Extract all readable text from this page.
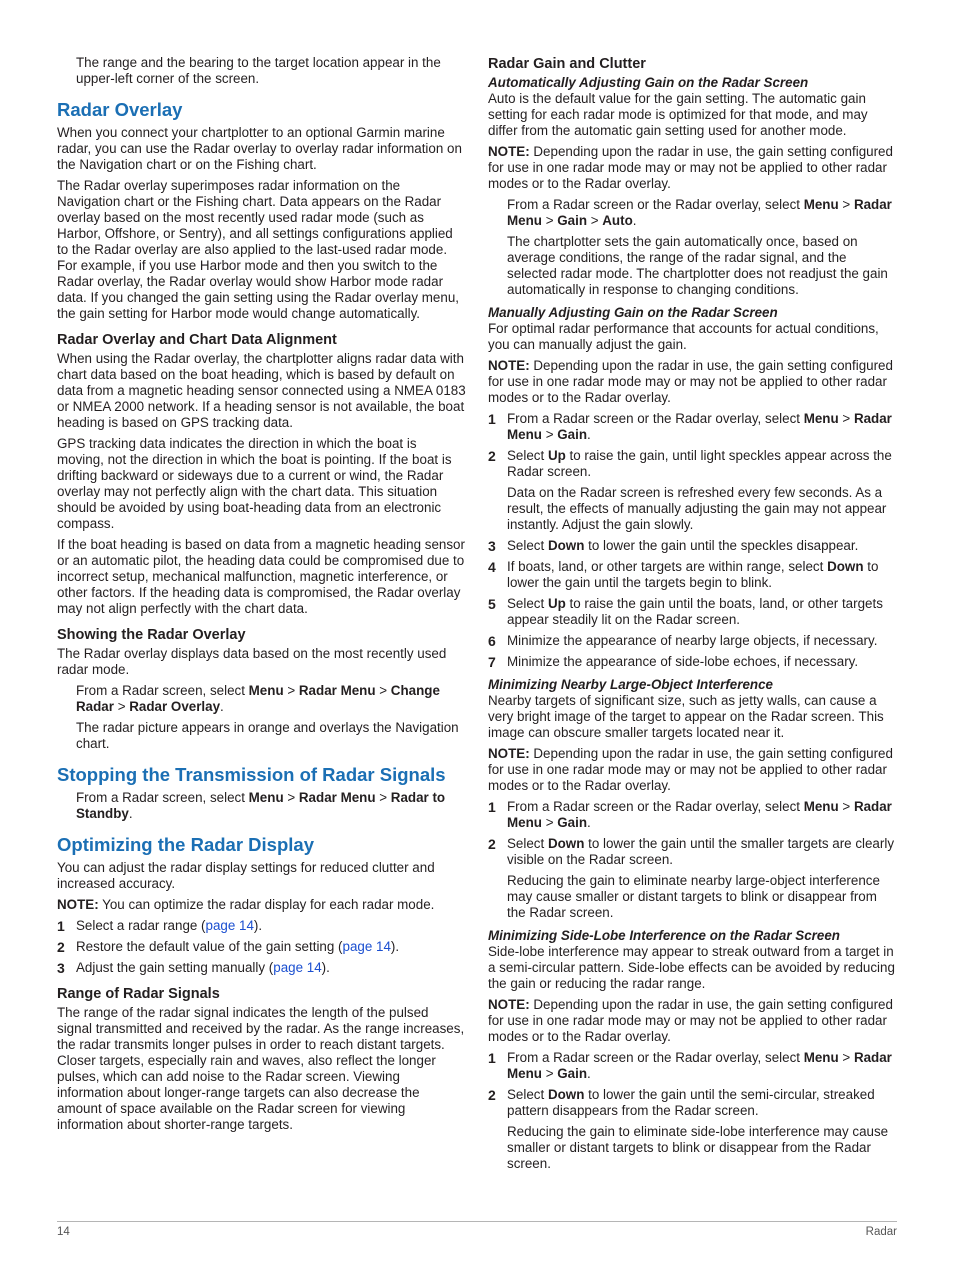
The range and the bearing to the target location appear in the upper-left corner of the screen.

Radar Overlay

When you connect your chartplotter to an optional Garmin marine radar, you can use the Radar overlay to overlay radar information on the Navigation chart or on the Fishing chart.

The Radar overlay superimposes radar information on the Navigation chart or the Fishing chart. Data appears on the Radar overlay based on the most recently used radar mode (such as Harbor, Offshore, or Sentry), and all settings configurations applied to the Radar overlay are also applied to the last-used radar mode. For example, if you use Harbor mode and then you switch to the Radar overlay, the Radar overlay would show Harbor mode radar data. If you changed the gain setting using the Radar overlay menu, the gain setting for Harbor mode would change automatically.

Radar Overlay and Chart Data Alignment

When using the Radar overlay, the chartplotter aligns radar data with chart data based on the boat heading, which is based by default on data from a magnetic heading sensor connected using a NMEA 0183 or NMEA 2000 network. If a heading sensor is not available, the boat heading is based on GPS tracking data.

GPS tracking data indicates the direction in which the boat is moving, not the direction in which the boat is pointing. If the boat is drifting backward or sideways due to a current or wind, the Radar overlay may not perfectly align with the chart data. This situation should be avoided by using boat-heading data from an electronic compass.

If the boat heading is based on data from a magnetic heading sensor or an automatic pilot, the heading data could be compromised due to incorrect setup, mechanical malfunction, magnetic interference, or other factors. If the heading data is compromised, the Radar overlay may not align perfectly with the chart data.

Showing the Radar Overlay

The Radar overlay displays data based on the most recently used radar mode.

From a Radar screen, select Menu > Radar Menu > Change Radar > Radar Overlay.

The radar picture appears in orange and overlays the Navigation chart.

Stopping the Transmission of Radar Signals

From a Radar screen, select Menu > Radar Menu > Radar to Standby.

Optimizing the Radar Display

You can adjust the radar display settings for reduced clutter and increased accuracy.

NOTE: You can optimize the radar display for each radar mode.

1 Select a radar range (page 14).
2 Restore the default value of the gain setting (page 14).
3 Adjust the gain setting manually (page 14).
Range of Radar Signals

The range of the radar signal indicates the length of the pulsed signal transmitted and received by the radar. As the range increases, the radar transmits longer pulses in order to reach distant targets. Closer targets, especially rain and waves, also reflect the longer pulses, which can add noise to the Radar screen. Viewing information about longer-range targets can also decrease the amount of space available on the Radar screen for viewing information about shorter-range targets.

Radar Gain and Clutter
Automatically Adjusting Gain on the Radar Screen

Auto is the default value for the gain setting. The automatic gain setting for each radar mode is optimized for that mode, and may differ from the automatic gain setting used for another mode.

NOTE: Depending upon the radar in use, the gain setting configured for use in one radar mode may or may not be applied to other radar modes or to the Radar overlay.

From a Radar screen or the Radar overlay, select Menu > Radar Menu > Gain > Auto.

The chartplotter sets the gain automatically once, based on average conditions, the range of the radar signal, and the selected radar mode. The chartplotter does not readjust the gain automatically in response to changing conditions.

Manually Adjusting Gain on the Radar Screen

For optimal radar performance that accounts for actual conditions, you can manually adjust the gain.

NOTE: Depending upon the radar in use, the gain setting configured for use in one radar mode may or may not be applied to other radar modes or to the Radar overlay.

1 From a Radar screen or the Radar overlay, select Menu > Radar Menu > Gain.
2 Select Up to raise the gain, until light speckles appear across the Radar screen.

Data on the Radar screen is refreshed every few seconds. As a result, the effects of manually adjusting the gain may not appear instantly. Adjust the gain slowly.

3 Select Down to lower the gain until the speckles disappear.
4 If boats, land, or other targets are within range, select Down to lower the gain until the targets begin to blink.
5 Select Up to raise the gain until the boats, land, or other targets appear steadily lit on the Radar screen.
6 Minimize the appearance of nearby large objects, if necessary.
7 Minimize the appearance of side-lobe echoes, if necessary.
Minimizing Nearby Large-Object Interference

Nearby targets of significant size, such as jetty walls, can cause a very bright image of the target to appear on the Radar screen. This image can obscure smaller targets located near it.

NOTE: Depending upon the radar in use, the gain setting configured for use in one radar mode may or may not be applied to other radar modes or to the Radar overlay.

1 From a Radar screen or the Radar overlay, select Menu > Radar Menu > Gain.
2 Select Down to lower the gain until the smaller targets are clearly visible on the Radar screen.

Reducing the gain to eliminate nearby large-object interference may cause smaller or distant targets to blink or disappear from the Radar screen.

Minimizing Side-Lobe Interference on the Radar Screen

Side-lobe interference may appear to streak outward from a target in a semi-circular pattern. Side-lobe effects can be avoided by reducing the gain or reducing the radar range.

NOTE: Depending upon the radar in use, the gain setting configured for use in one radar mode may or may not be applied to other radar modes or to the Radar overlay.

1 From a Radar screen or the Radar overlay, select Menu > Radar Menu > Gain.
2 Select Down to lower the gain until the semi-circular, streaked pattern disappears from the Radar screen.

Reducing the gain to eliminate side-lobe interference may cause smaller or distant targets to blink or disappear from the Radar screen.

14	Radar
